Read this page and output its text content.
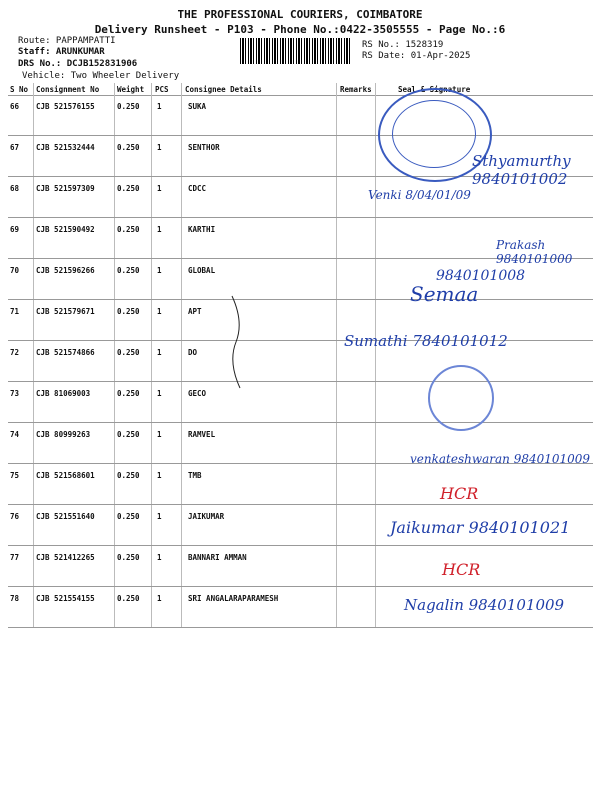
THE PROFESSIONAL COURIERS, COIMBATORE
Delivery Runsheet - P103 - Phone No.:0422-3505555 - Page No.:6
Route: PAPPAMPATTI
Staff: ARUNKUMAR
DRS No.: DCJB152831906
Vehicle: Two Wheeler Delivery
RS No.: 1528319
RS Date: 01-Apr-2025
S No Consignment No Weight PCS Consignee Details	Remarks	Seal & Signature
66 CJB 521576155	0.250 1	SUKA
67 CJB 521532444	0.250 1	SENTHOR
68 CJB 521597309	0.250 1	CDCC
69 CJB 521590492	0.250 1	KARTHI
70 CJB 521596266	0.250 1	GLOBAL
71 CJB 521579671	0.250 1	APT
72 CJB 521574866	0.250 1	DO
73 CJB 81069003	0.250 1	GECO
74 CJB 80999263	0.250 1	RAMVEL
75 CJB 521568601	0.250 1	TMB
76 CJB 521551640	0.250 1	JAIKUMAR
77 CJB 521412265	0.250 1	BANNARI AMMAN
78 CJB 521554155	0.250 1	SRI ANGALARAPARAMESH
Sthyamurthy 9840101002
Venki 8/04/01/09
Prakash 9840101000
9840101008
Semaa
Sumathi 7840101012
venkateshwaran 9840101009
HCR
Jaikumar 9840101021
HCR
Nagalin 9840101009
